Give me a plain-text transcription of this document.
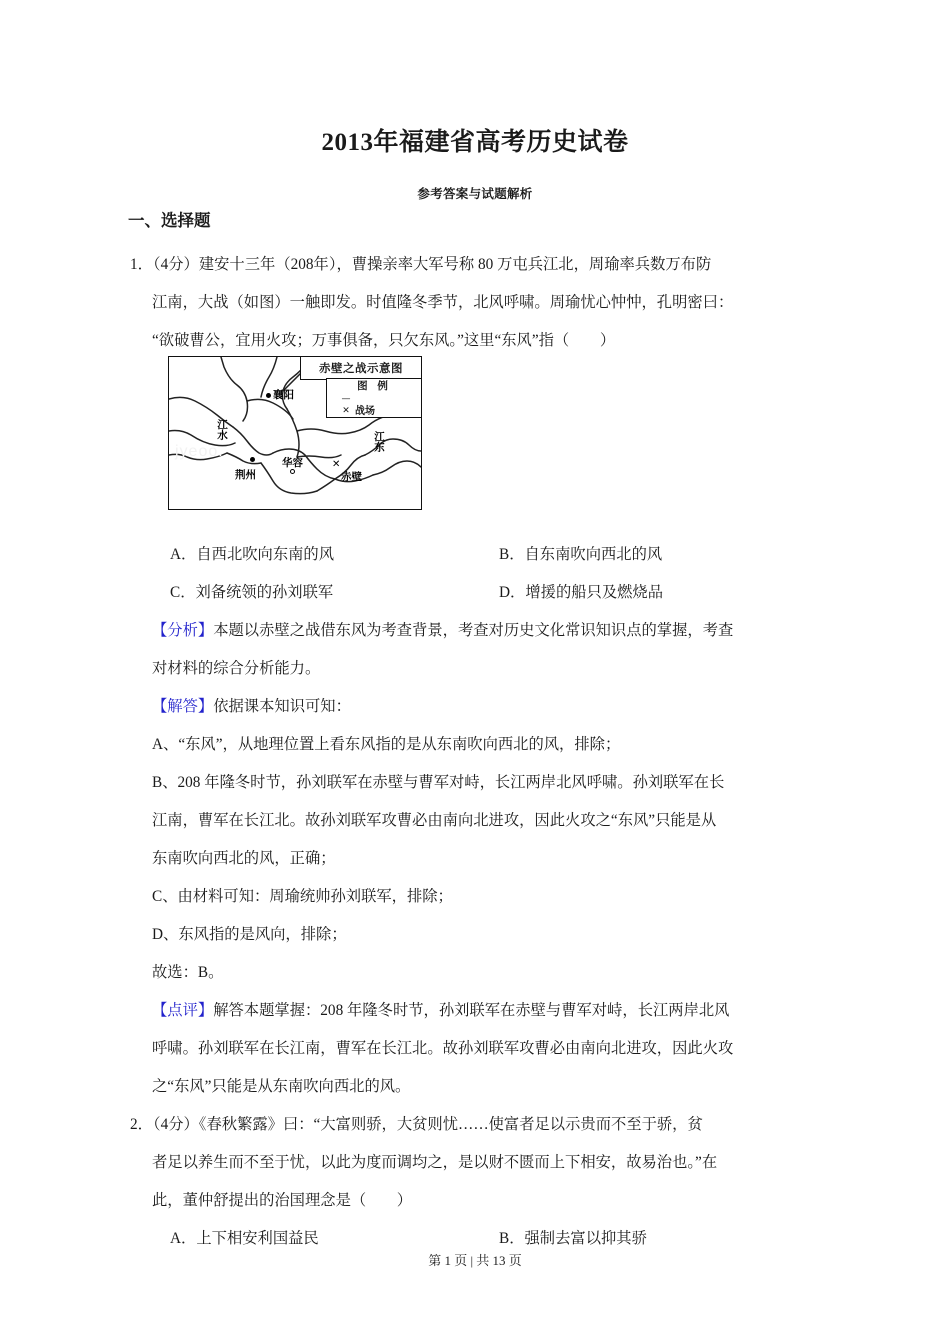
2013年福建省高考历史试卷
参考答案与试题解析
一、选择题
1．（4分）建安十三年（208年），曹操亲率大军号称 80 万屯兵江北，周瑜率兵数万布防
江南，大战（如图）一触即发。时值隆冬季节，北风呼啸。周瑜忧心忡忡，孔明密曰：
“欲破曹公，宜用火攻；万事俱备，只欠东风。”这里“东风”指（　　）
A．自西北吹向东南的风	B．自东南吹向西北的风
C．刘备统领的孙刘联军	D．增援的船只及燃烧品
【分析】本题以赤壁之战借东风为考查背景，考查对历史文化常识知识点的掌握，考查
对材料的综合分析能力。
【解答】依据课本知识可知：
A、“东风”，从地理位置上看东风指的是从东南吹向西北的风，排除；
B、208 年隆冬时节，孙刘联军在赤壁与曹军对峙，长江两岸北风呼啸。孙刘联军在长
江南，曹军在长江北。故孙刘联军攻曹必由南向北进攻，因此火攻之“东风”只能是从
东南吹向西北的风，正确；
C、由材料可知：周瑜统帅孙刘联军，排除；
D、东风指的是风向，排除；
故选：B。
【点评】解答本题掌握：208 年隆冬时节，孙刘联军在赤壁与曹军对峙，长江两岸北风
呼啸。孙刘联军在长江南，曹军在长江北。故孙刘联军攻曹必由南向北进攻，因此火攻
之“东风”只能是从东南吹向西北的风。
2．（4分）《春秋繁露》曰：“大富则骄，大贫则忧……使富者足以示贵而不至于骄，贫
者足以养生而不至于忧，以此为度而调均之，是以财不匮而上下相安，故易治也。”在
此，董仲舒提出的治国理念是（　　）
A．上下相安利国益民	B．强制去富以抑其骄
襄阳
江水
荆州
华容	✕
赤壁
江东
jyeoo.
赤壁之战示意图
图 例
—
✕ 战场
第 1 页 | 共 13 页
